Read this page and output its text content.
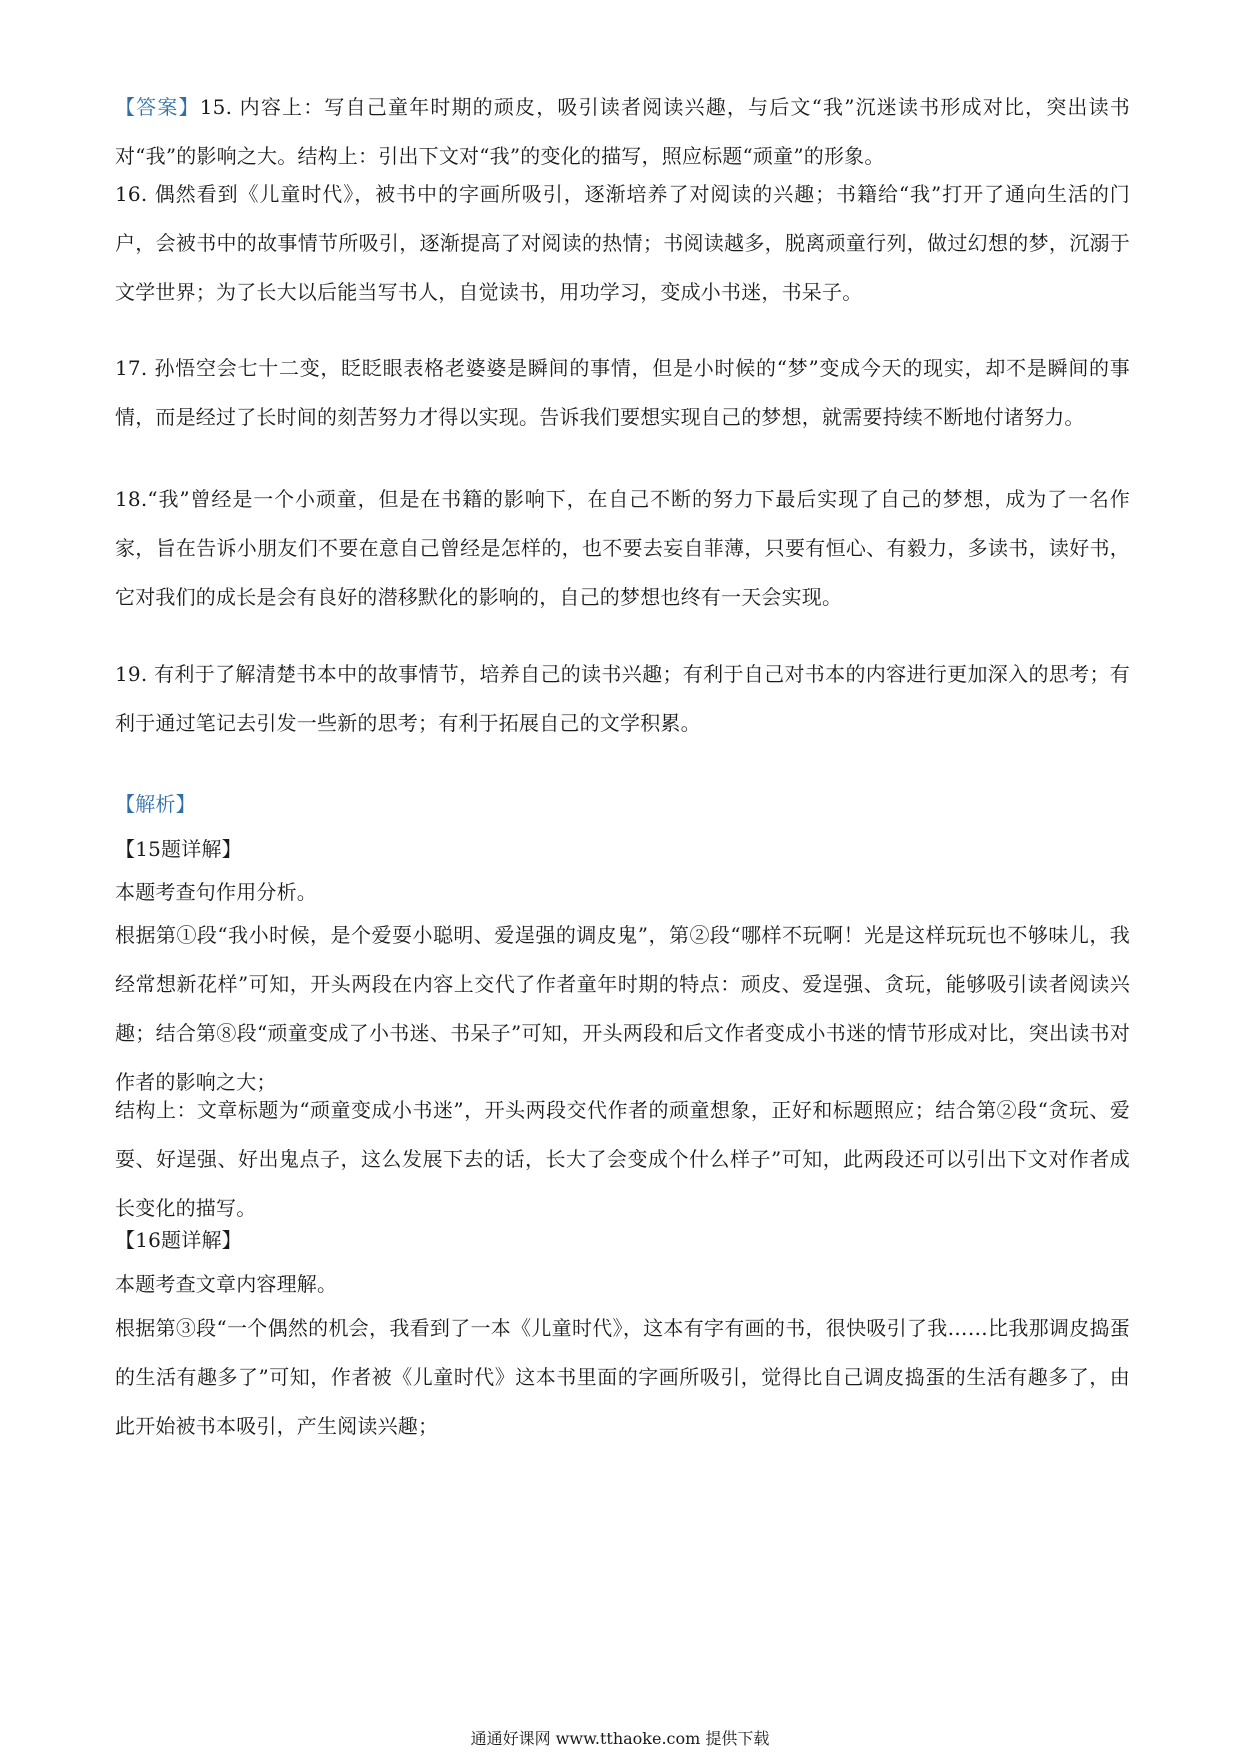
【答案】15. 内容上：写自己童年时期的顽皮，吸引读者阅读兴趣，与后文“我”沉迷读书形成对比，突出读书对“我”的影响之大。结构上：引出下文对“我”的变化的描写，照应标题“顽童”的形象。

16. 偶然看到《儿童时代》，被书中的字画所吸引，逐渐培养了对阅读的兴趣；书籍给“我”打开了通向生活的门户，会被书中的故事情节所吸引，逐渐提高了对阅读的热情；书阅读越多，脱离顽童行列，做过幻想的梦，沉溺于文学世界；为了长大以后能当写书人，自觉读书，用功学习，变成小书迷，书呆子。

17. 孙悟空会七十二变，眨眨眼表格老婆婆是瞬间的事情，但是小时候的“梦”变成今天的现实，却不是瞬间的事情，而是经过了长时间的刻苦努力才得以实现。告诉我们要想实现自己的梦想，就需要持续不断地付诸努力。

18.“我”曾经是一个小顽童，但是在书籍的影响下，在自己不断的努力下最后实现了自己的梦想，成为了一名作家，旨在告诉小朋友们不要在意自己曾经是怎样的，也不要去妄自菲薄，只要有恒心、有毅力，多读书，读好书，它对我们的成长是会有良好的潜移默化的影响的，自己的梦想也终有一天会实现。

19. 有利于了解清楚书本中的故事情节，培养自己的读书兴趣；有利于自己对书本的内容进行更加深入的思考；有利于通过笔记去引发一些新的思考；有利于拓展自己的文学积累。

【解析】

【15题详解】

本题考查句作用分析。

根据第①段“我小时候，是个爱耍小聪明、爱逞强的调皮鬼”，第②段“哪样不玩啊！光是这样玩玩也不够味儿，我经常想新花样”可知，开头两段在内容上交代了作者童年时期的特点：顽皮、爱逞强、贪玩，能够吸引读者阅读兴趣；结合第⑧段“顽童变成了小书迷、书呆子”可知，开头两段和后文作者变成小书迷的情节形成对比，突出读书对作者的影响之大；

结构上：文章标题为“顽童变成小书迷”，开头两段交代作者的顽童想象，正好和标题照应；结合第②段“贪玩、爱耍、好逞强、好出鬼点子，这么发展下去的话，长大了会变成个什么样子”可知，此两段还可以引出下文对作者成长变化的描写。

【16题详解】

本题考查文章内容理解。

根据第③段“一个偶然的机会，我看到了一本《儿童时代》，这本有字有画的书，很快吸引了我……比我那调皮捣蛋的生活有趣多了”可知，作者被《儿童时代》这本书里面的字画所吸引，觉得比自己调皮捣蛋的生活有趣多了，由此开始被书本吸引，产生阅读兴趣；

通通好课网 www.tthaoke.com 提供下载
